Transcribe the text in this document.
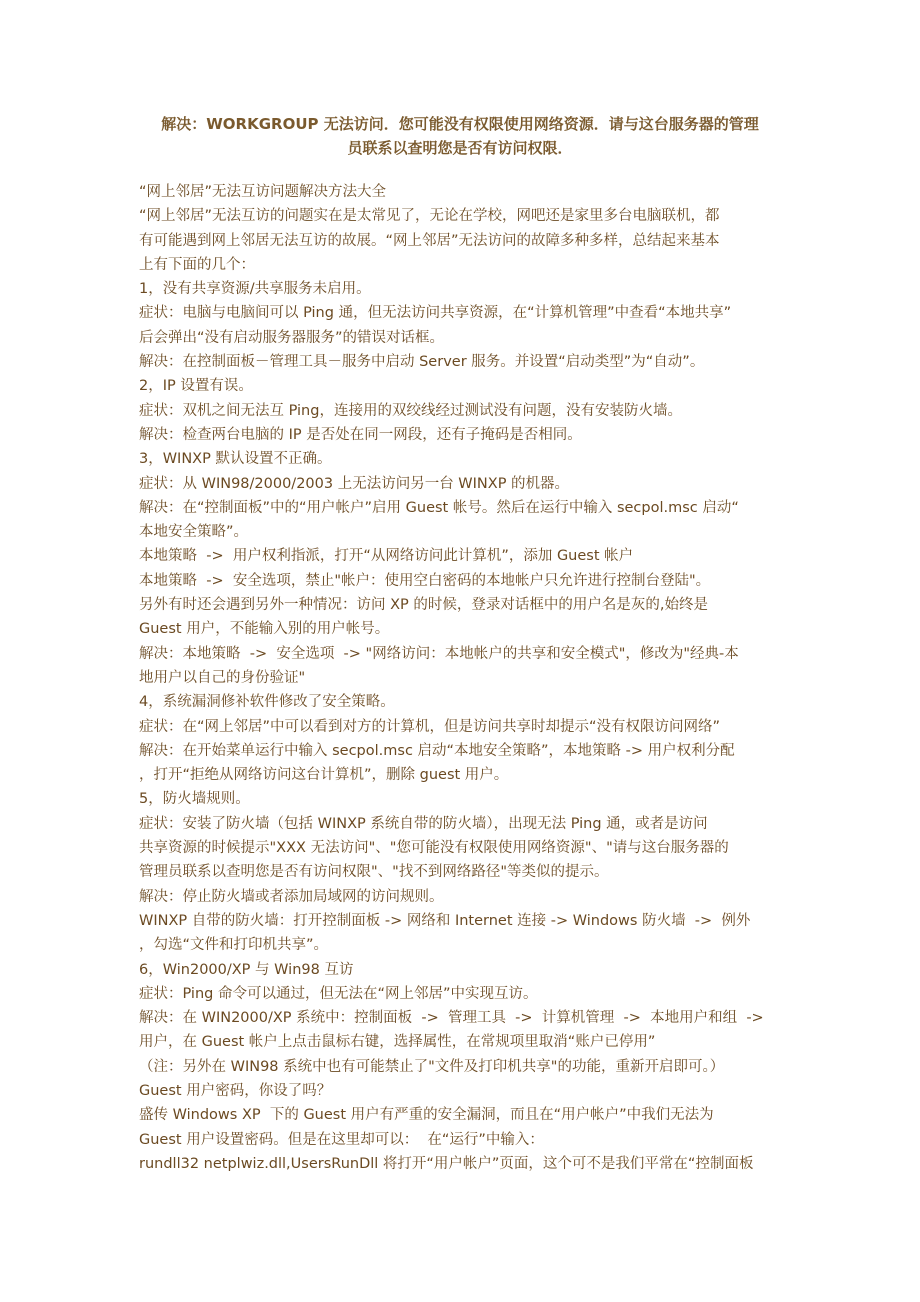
解决：WORKGROUP 无法访问．您可能没有权限使用网络资源．请与这台服务器的管理
员联系以查明您是否有访问权限．
“网上邻居”无法互访问题解决方法大全
“网上邻居”无法互访的问题实在是太常见了，无论在学校，网吧还是家里多台电脑联机，都
有可能遇到网上邻居无法互访的故展。“网上邻居”无法访问的故障多种多样，总结起来基本
上有下面的几个：
1，没有共享资源/共享服务未启用。
症状：电脑与电脑间可以 Ping 通，但无法访问共享资源，在“计算机管理”中查看“本地共享”
后会弹出“没有启动服务器服务”的错误对话框。
解决：在控制面板－管理工具－服务中启动 Server 服务。并设置“启动类型”为“自动”。
2，IP 设置有误。
症状：双机之间无法互 Ping，连接用的双绞线经过测试没有问题，没有安装防火墙。
解决：检查两台电脑的 IP 是否处在同一网段，还有子掩码是否相同。
3，WINXP 默认设置不正确。
症状：从 WIN98/2000/2003 上无法访问另一台 WINXP 的机器。
解决：在“控制面板”中的“用户帐户”启用 Guest 帐号。然后在运行中输入 secpol.msc 启动“
本地安全策略”。
本地策略  ->  用户权利指派，打开“从网络访问此计算机”，添加 Guest 帐户
本地策略  ->  安全选项，禁止"帐户：使用空白密码的本地帐户只允许进行控制台登陆"。
另外有时还会遇到另外一种情况：访问 XP 的时候，登录对话框中的用户名是灰的,始终是
Guest 用户，不能输入别的用户帐号。
解决：本地策略  ->  安全选项  -> "网络访问：本地帐户的共享和安全模式"，修改为"经典-本
地用户以自己的身份验证"
4，系统漏洞修补软件修改了安全策略。
症状：在“网上邻居”中可以看到对方的计算机，但是访问共享时却提示“没有权限访问网络”
解决：在开始菜单运行中输入 secpol.msc 启动“本地安全策略”，本地策略 -> 用户权利分配
，打开“拒绝从网络访问这台计算机”，删除 guest 用户。
5，防火墙规则。
症状：安装了防火墙（包括 WINXP 系统自带的防火墙），出现无法 Ping 通，或者是访问
共享资源的时候提示"XXX 无法访问"、"您可能没有权限使用网络资源"、"请与这台服务器的
管理员联系以查明您是否有访问权限"、"找不到网络路径"等类似的提示。
解决：停止防火墙或者添加局域网的访问规则。
WINXP 自带的防火墙：打开控制面板 -> 网络和 Internet 连接 -> Windows 防火墙  ->  例外
，勾选“文件和打印机共享”。
6，Win2000/XP 与 Win98 互访
症状：Ping 命令可以通过，但无法在“网上邻居”中实现互访。
解决：在 WIN2000/XP 系统中：控制面板  ->  管理工具  ->  计算机管理  ->  本地用户和组  ->
用户，在 Guest 帐户上点击鼠标右键，选择属性，在常规项里取消“账户已停用”
（注：另外在 WIN98 系统中也有可能禁止了"文件及打印机共享"的功能，重新开启即可。）
Guest 用户密码，你设了吗？
盛传 Windows XP  下的 Guest 用户有严重的安全漏洞，而且在“用户帐户”中我们无法为
Guest 用户设置密码。但是在这里却可以：  在“运行”中输入：
rundll32 netplwiz.dll,UsersRunDll 将打开“用户帐户”页面，这个可不是我们平常在“控制面板
